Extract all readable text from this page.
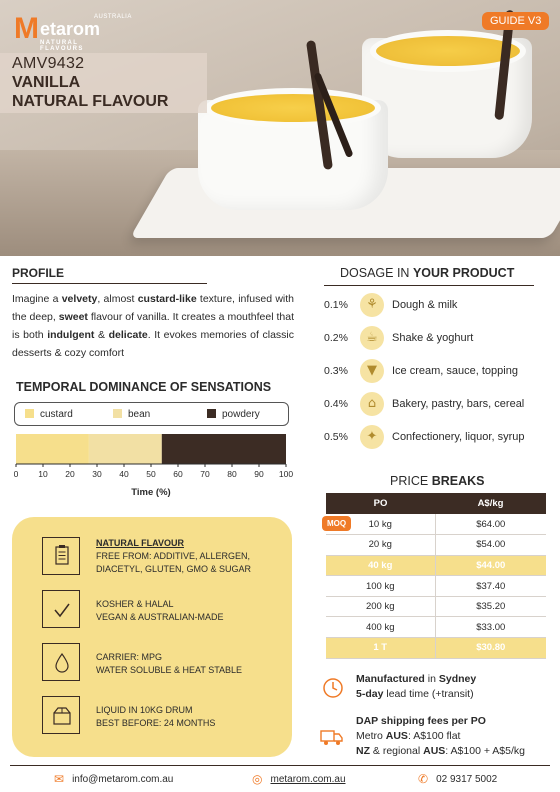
M etarom
AUSTRALIA
NATURAL FLAVOURS
GUIDE V3
AMV9432
VANILLA
NATURAL FLAVOUR
PROFILE
Imagine a velvety, almost custard-like texture, infused with the deep, sweet flavour of vanilla. It creates a mouthfeel that is both indulgent & delicate. It evokes memories of classic desserts & cozy comfort
DOSAGE IN YOUR PRODUCT
0.1%	⚘	Dough & milk
0.2%	☕	Shake & yoghurt
0.3%	▼	Ice cream, sauce, topping
0.4%	⌂	Bakery, pastry, bars, cereal
0.5%	✦	Confectionery, liquor, syrup
TEMPORAL DOMINANCE OF SENSATIONS
custard	bean	powdery
0 10 20 30 40 50 60 70 80 90 100
Time (%)
NATURAL FLAVOUR
FREE FROM: ADDITIVE, ALLERGEN,
DIACETYL, GLUTEN, GMO & SUGAR
KOSHER & HALAL
VEGAN & AUSTRALIAN-MADE
CARRIER: MPG
WATER SOLUBLE & HEAT STABLE
LIQUID IN 10KG DRUM
BEST BEFORE: 24 MONTHS
PRICE BREAKS
PO	A$/kg
10 kg	$64.00
20 kg	$54.00
40 kg	$44.00
100 kg	$37.40
200 kg	$35.20
400 kg	$33.00
1 T	$30.80
MOQ
Manufactured in Sydney
5-day lead time (+transit)
DAP shipping fees per PO
Metro AUS: A$100 flat
NZ & regional AUS: A$100 + A$5/kg
✉ info@metarom.com.au	◎ metarom.com.au	✆ 02 9317 5002
